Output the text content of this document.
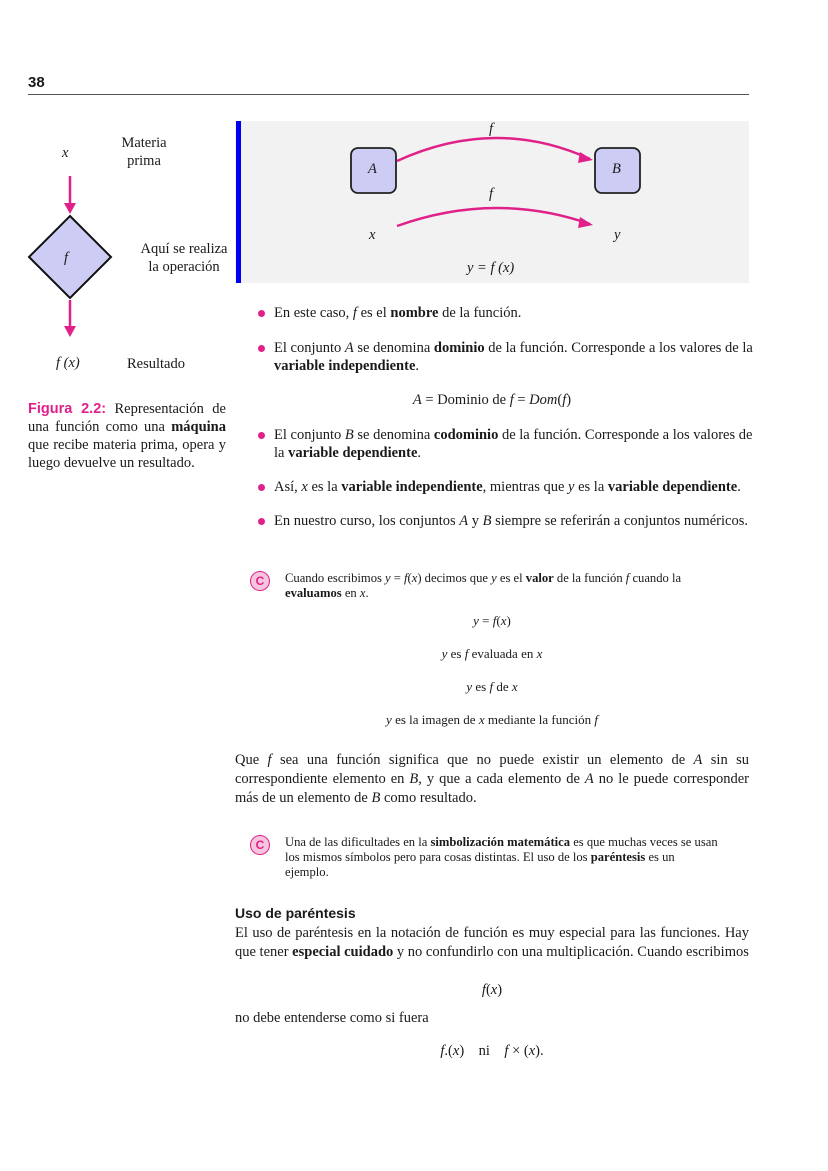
38
x
Materia
prima
f
Aquí se realiza
la operación
f (x)	Resultado
Figura 2.2: Representación de una función como una máquina que recibe materia prima, opera y luego devuelve un resultado.
A	B
f
f
x	y
y = f (x)
En este caso, f es el nombre de la función.
El conjunto A se denomina dominio de la función. Corresponde a los valores de la variable independiente.
A = Dominio de f = Dom(f)
El conjunto B se denomina codominio de la función. Corresponde a los valores de la variable dependiente.
Así, x es la variable independiente, mientras que y es la variable dependiente.
En nuestro curso, los conjuntos A y B siempre se referirán a conjuntos numéricos.
C	Cuando escribimos y = f(x) decimos que y es el valor de la función f cuando la evaluamos en x.
y = f(x)
y es f evaluada en x
y es f de x
y es la imagen de x mediante la función f
Que f sea una función significa que no puede existir un elemento de A sin su correspondiente elemento en B, y que a cada elemento de A no le puede corresponder más de un elemento de B como resultado.
C	Una de las dificultades en la simbolización matemática es que muchas veces se usan los mismos símbolos pero para cosas distintas. El uso de los paréntesis es un ejemplo.
Uso de paréntesis
El uso de paréntesis en la notación de función es muy especial para las funciones. Hay que tener especial cuidado y no confundirlo con una multiplicación. Cuando escribimos
f(x)
no debe entenderse como si fuera
f.(x)    ni    f × (x).
